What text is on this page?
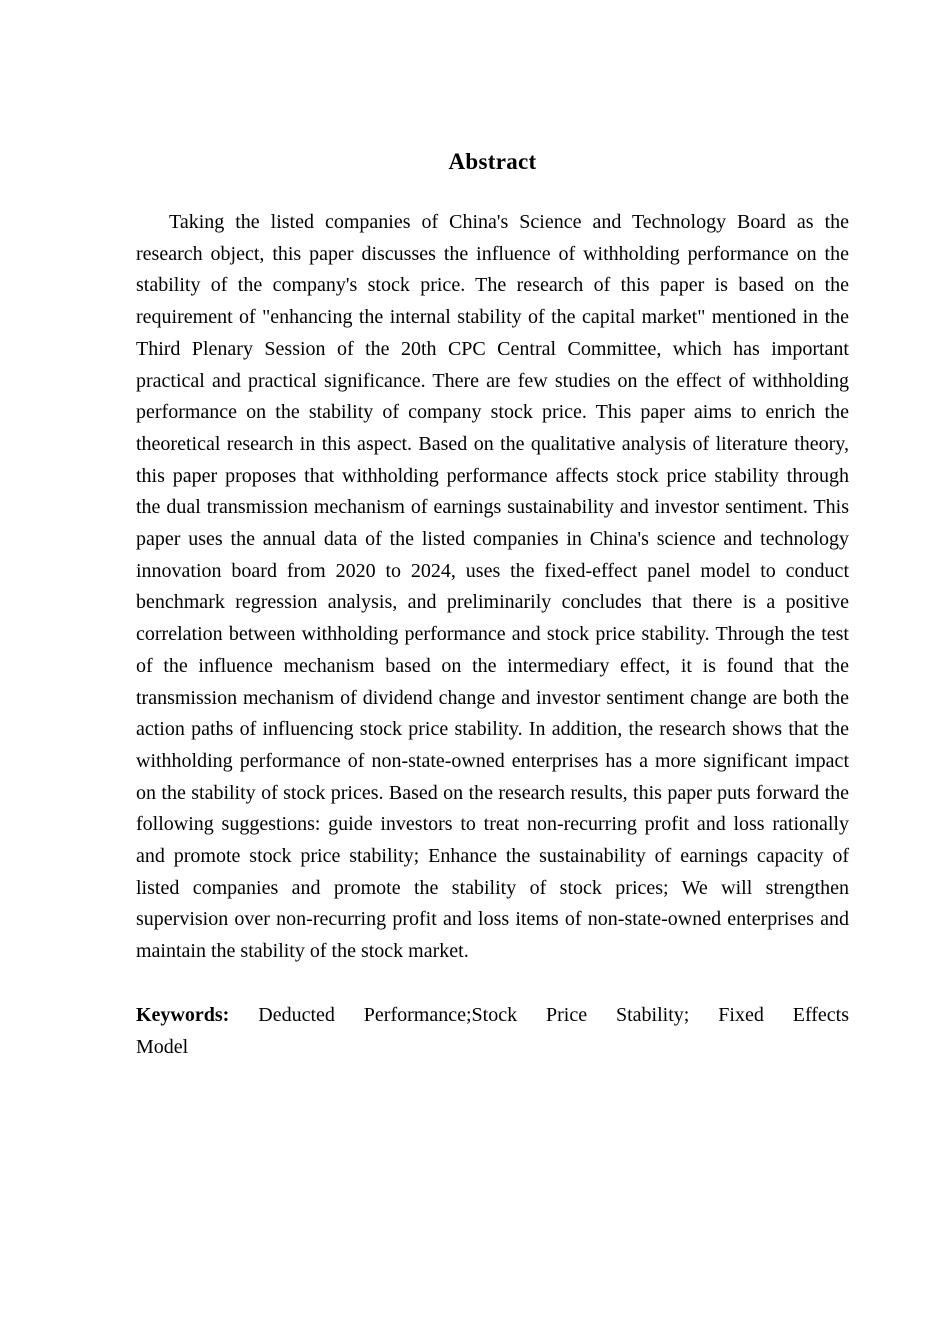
Abstract

Taking the listed companies of China's Science and Technology Board as the research object, this paper discusses the influence of withholding performance on the stability of the company's stock price. The research of this paper is based on the requirement of "enhancing the internal stability of the capital market" mentioned in the Third Plenary Session of the 20th CPC Central Committee, which has important practical and practical significance. There are few studies on the effect of withholding performance on the stability of company stock price. This paper aims to enrich the theoretical research in this aspect. Based on the qualitative analysis of literature theory, this paper proposes that withholding performance affects stock price stability through the dual transmission mechanism of earnings sustainability and investor sentiment. This paper uses the annual data of the listed companies in China's science and technology innovation board from 2020 to 2024, uses the fixed-effect panel model to conduct benchmark regression analysis, and preliminarily concludes that there is a positive correlation between withholding performance and stock price stability. Through the test of the influence mechanism based on the intermediary effect, it is found that the transmission mechanism of dividend change and investor sentiment change are both the action paths of influencing stock price stability. In addition, the research shows that the withholding performance of non-state-owned enterprises has a more significant impact on the stability of stock prices. Based on the research results, this paper puts forward the following suggestions: guide investors to treat non-recurring profit and loss rationally and promote stock price stability; Enhance the sustainability of earnings capacity of listed companies and promote the stability of stock prices; We will strengthen supervision over non-recurring profit and loss items of non-state-owned enterprises and maintain the stability of the stock market.

Keywords: Deducted Performance;Stock Price Stability; Fixed Effects Model
